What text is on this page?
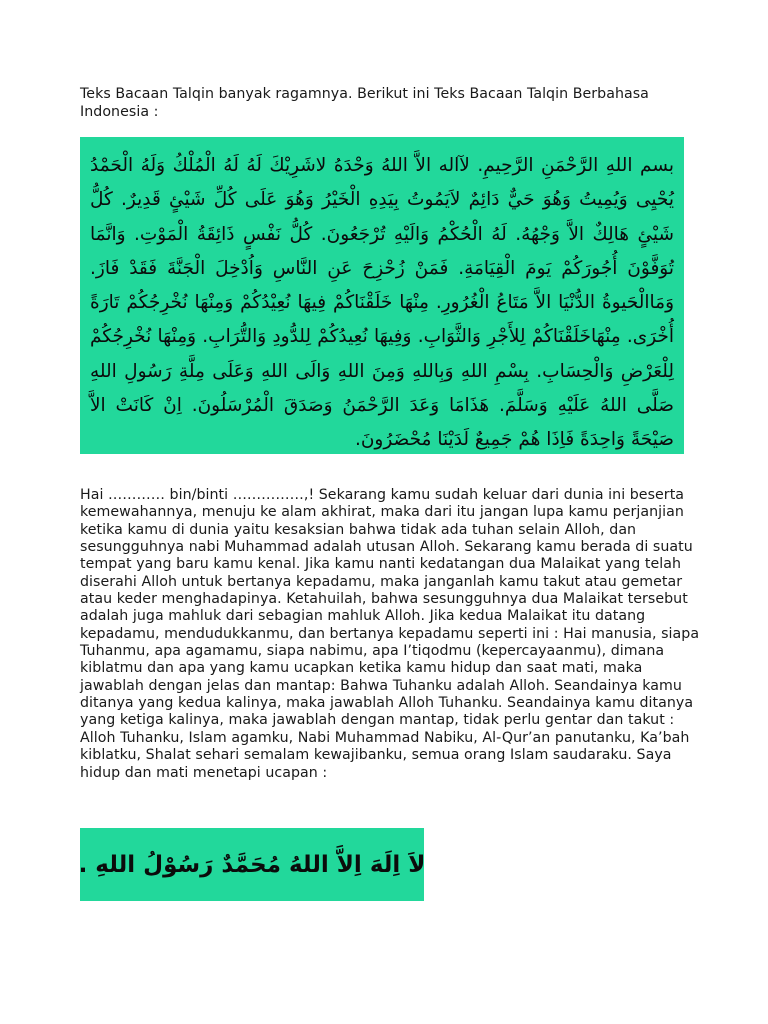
Teks Bacaan Talqin banyak ragamnya. Berikut ini Teks Bacaan Talqin Berbahasa Indonesia :

بسم اللهِ الرَّحْمَنِ الرَّحِيمِ. لآاله الاَّ اللهُ وَحْدَهُ لاشَرِيْكَ لَهُ لَهُ الْمُلْكُ وَلَهُ الْحَمْدُ يُحْيِى وَيُمِيتُ وَهُوَ حَيٌّ دَائِمٌ لاَيَمُوتُ بِيَدِهِ الْخَيْرُ وَهُوَ عَلَى كُلِّ شَيْئٍ قَدِيرٌ. كُلُّ شَيْئٍ هَالِكٌ الاَّ وَجْهُهُ. لَهُ الْحُكْمُ وَالَيْهِ تُرْجَعُونَ. كُلُّ نَفْسٍ ذَائِقَةُ الْمَوْتِ. وَانَّمَا تُوَفَّوْنَ أُجُورَكُمْ يَومَ الْقِيَامَةِ. فَمَنْ زُحْزِحَ عَنِ النَّاسِ وَاُدْخِلَ الْجَنَّةَ فَقَدْ فَازَ. وَمَاالْحَيوةُ الدُّنْيَا الاَّ مَتَاعُ الْغُرُورِ. مِنْهَا خَلَقْنَاكُمْ فِيهَا نُعِيْدُكُمْ وَمِنْهَا نُخْرِجُكُمْ تَارَةً أُخْرَى. مِنْهَاخَلَقْنَاكُمْ لِلأَجْرِ وَالثَّوَابِ. وَفِيهَا نُعِيدُكُمْ لِلدُّودِ وَالتُّرَابِ. وَمِنْهَا نُخْرِجُكُمْ لِلْعَرْضِ وَالْحِسَابِ. بِسْمِ اللهِ وَبِاللهِ وَمِنَ اللهِ وَالَى اللهِ وَعَلَى مِلَّةِ رَسُولِ اللهِ صَلَّى اللهُ عَلَيْهِ وَسَلَّمَ. هَذَامَا وَعَدَ الرَّحْمَنُ وَصَدَقَ الْمُرْسَلُونَ. اِنْ كَانَتْ الاَّ صَيْحَةً وَاحِدَةً فَاِذَا هُمْ جَمِيعٌ لَدَيْنَا مُحْضَرُونَ.

Hai ………… bin/binti ……………,! Sekarang kamu sudah keluar dari dunia ini beserta kemewahannya, menuju ke alam akhirat, maka dari itu jangan lupa kamu perjanjian ketika kamu di dunia yaitu kesaksian bahwa tidak ada tuhan selain Alloh, dan sesungguhnya nabi Muhammad adalah utusan Alloh. Sekarang kamu berada di suatu tempat yang baru kamu kenal. Jika kamu nanti kedatangan dua Malaikat yang telah diserahi Alloh untuk bertanya kepadamu, maka janganlah kamu takut atau gemetar atau keder menghadapinya. Ketahuilah, bahwa sesungguhnya dua Malaikat tersebut adalah juga mahluk dari sebagian mahluk Alloh. Jika kedua Malaikat itu datang kepadamu, mendudukkanmu, dan bertanya kepadamu seperti ini : Hai manusia, siapa Tuhanmu, apa agamamu, siapa nabimu, apa I’tiqodmu (kepercayaanmu), dimana kiblatmu dan apa yang kamu ucapkan ketika kamu hidup dan saat mati, maka jawablah dengan jelas dan mantap: Bahwa Tuhanku adalah Alloh. Seandainya kamu ditanya yang kedua kalinya, maka jawablah Alloh Tuhanku. Seandainya kamu ditanya yang ketiga kalinya, maka jawablah dengan mantap, tidak perlu gentar dan takut : Alloh Tuhanku, Islam agamku, Nabi Muhammad Nabiku, Al-Qur’an panutanku, Ka’bah kiblatku, Shalat sehari semalam kewajibanku, semua orang Islam saudaraku. Saya hidup dan mati menetapi ucapan :

لاَ اِلَهَ اِلاَّ اللهُ مُحَمَّدٌ رَسُوْلُ اللهِ .
